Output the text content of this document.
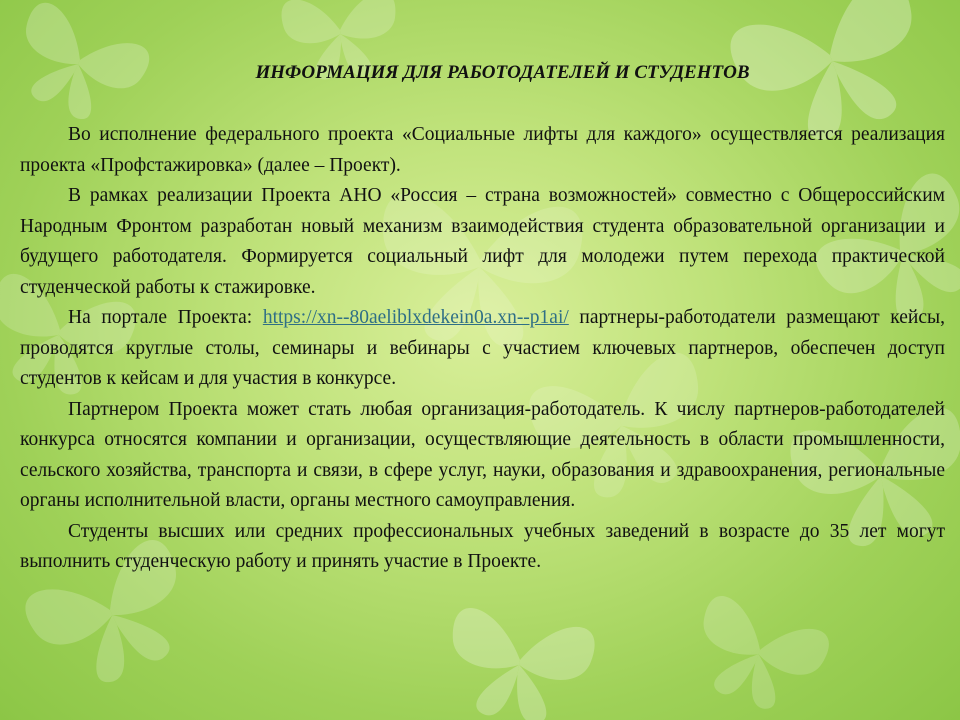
ИНФОРМАЦИЯ ДЛЯ РАБОТОДАТЕЛЕЙ И СТУДЕНТОВ

Во исполнение федерального проекта «Социальные лифты для каждого» осуществляется реализация проекта «Профстажировка» (далее – Проект).

В рамках реализации Проекта АНО «Россия – страна возможностей» совместно с Общероссийским Народным Фронтом разработан новый механизм взаимодействия студента образовательной организации и будущего работодателя. Формируется социальный лифт для молодежи путем перехода практической студенческой работы к стажировке.

На портале Проекта: https://xn--80aeliblxdekein0a.xn--p1ai/ партнеры-работодатели размещают кейсы, проводятся круглые столы, семинары и вебинары с участием ключевых партнеров, обеспечен доступ студентов к кейсам и для участия в конкурсе.

Партнером Проекта может стать любая организация-работодатель. К числу партнеров-работодателей конкурса относятся компании и организации, осуществляющие деятельность в области промышленности, сельского хозяйства, транспорта и связи, в сфере услуг, науки, образования и здравоохранения, региональные органы исполнительной власти, органы местного самоуправления.

Студенты высших или средних профессиональных учебных заведений в возрасте до 35 лет могут выполнить студенческую работу и принять участие в Проекте.
